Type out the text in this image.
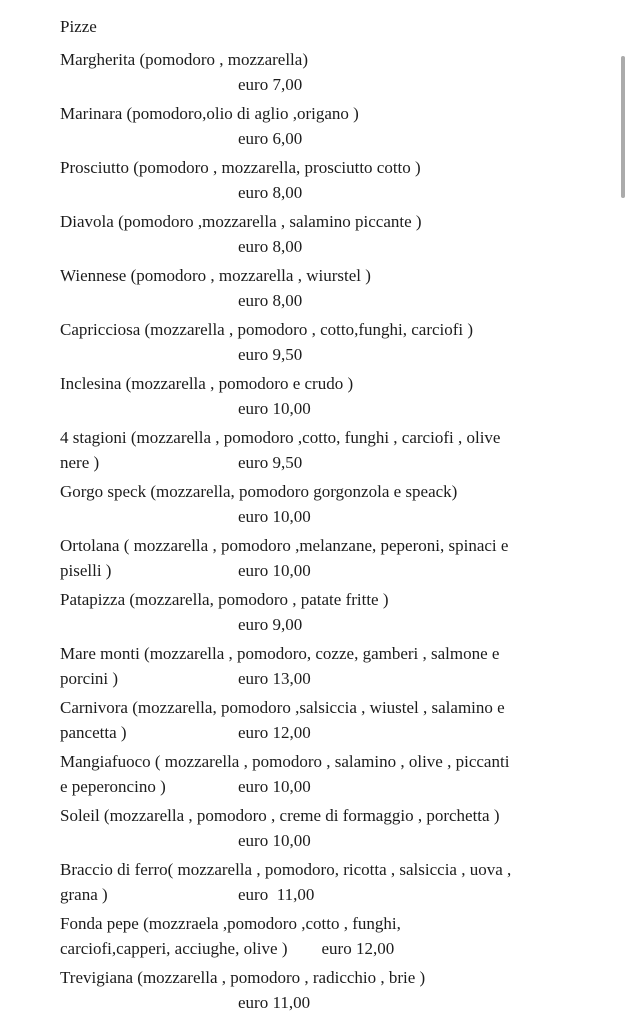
Pizze
Margherita (pomodoro , mozzarella)
euro 7,00
Marinara (pomodoro,olio di aglio ,origano )
euro 6,00
Prosciutto (pomodoro , mozzarella, prosciutto cotto )
euro 8,00
Diavola (pomodoro ,mozzarella , salamino piccante )
euro 8,00
Wiennese (pomodoro , mozzarella , wiurstel )
euro 8,00
Capricciosa (mozzarella , pomodoro , cotto,funghi, carciofi )
euro 9,50
Inclesina (mozzarella , pomodoro e crudo )
euro 10,00
4 stagioni (mozzarella , pomodoro ,cotto, funghi , carciofi , olive
nere )	euro 9,50
Gorgo speck (mozzarella, pomodoro gorgonzola e speack)
euro 10,00
Ortolana ( mozzarella , pomodoro ,melanzane, peperoni, spinaci e
piselli )	euro 10,00
Patapizza (mozzarella, pomodoro , patate fritte )
euro 9,00
Mare monti (mozzarella , pomodoro, cozze, gamberi , salmone e
porcini )	euro 13,00
Carnivora (mozzarella, pomodoro ,salsiccia , wiustel , salamino e
pancetta )	euro 12,00
Mangiafuoco ( mozzarella , pomodoro , salamino , olive , piccanti
e peperoncino )	euro 10,00
Soleil (mozzarella , pomodoro , creme di formaggio , porchetta )
euro 10,00
Braccio di ferro( mozzarella , pomodoro, ricotta , salsiccia , uova ,
grana )	euro  11,00
Fonda pepe (mozzraela ,pomodoro ,cotto , funghi,
carciofi,capperi, acciughe, olive ) euro 12,00
Trevigiana (mozzarella , pomodoro , radicchio , brie )
euro 11,00
